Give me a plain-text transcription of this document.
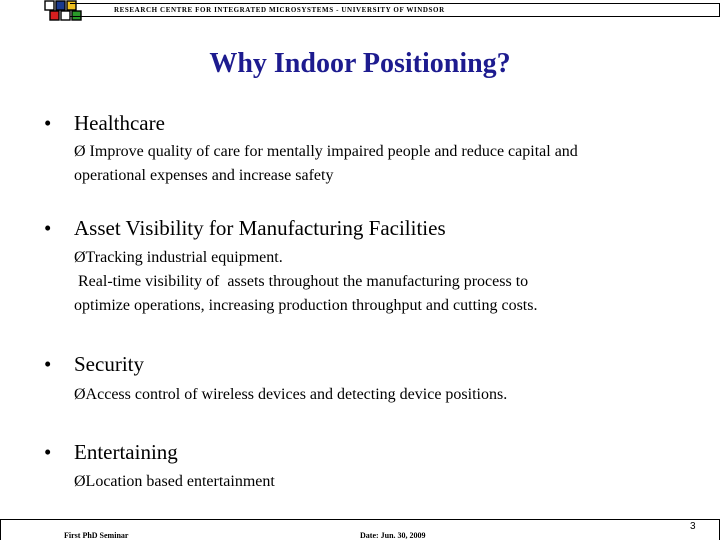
RESEARCH CENTRE FOR INTEGRATED MICROSYSTEMS - UNIVERSITY OF WINDSOR
Why Indoor Positioning?
• Healthcare
Ø Improve quality of care for mentally impaired people and reduce capital and
operational expenses and increase safety
• Asset Visibility for Manufacturing Facilities
ØTracking industrial equipment.
Real-time visibility of  assets throughout the manufacturing process to
optimize operations, increasing production throughput and cutting costs.
• Security
ØAccess control of wireless devices and detecting device positions.
• Entertaining
ØLocation based entertainment
First PhD Seminar	Date: Jun. 30, 2009
3
